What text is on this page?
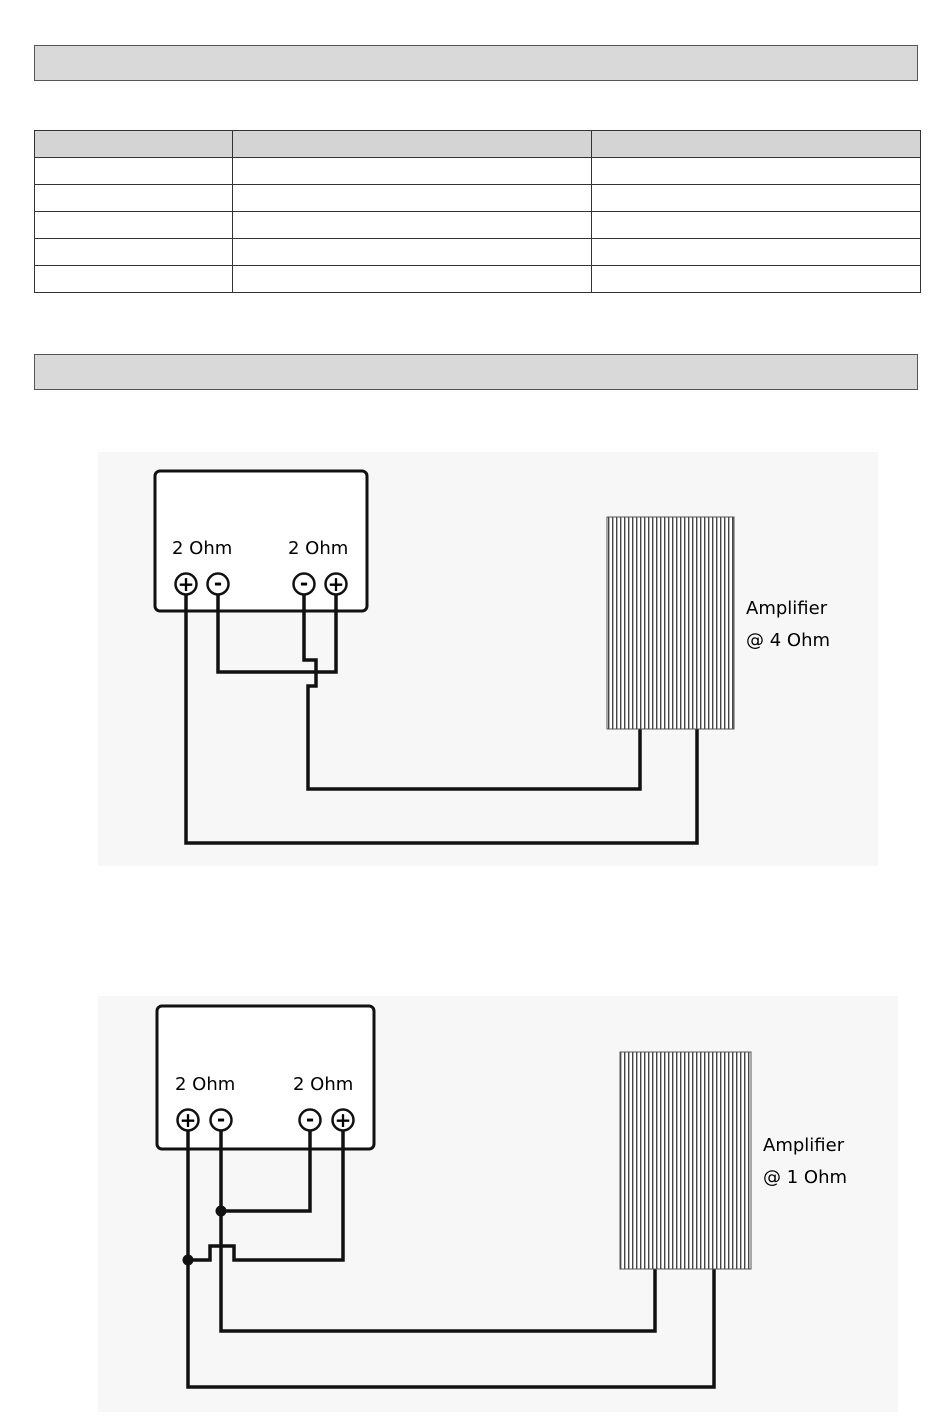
2 Ohm	2 Ohm
+ -	- +
Amplifier
@ 4 Ohm
2 Ohm	2 Ohm
+ -	- +
Amplifier
@ 1 Ohm
